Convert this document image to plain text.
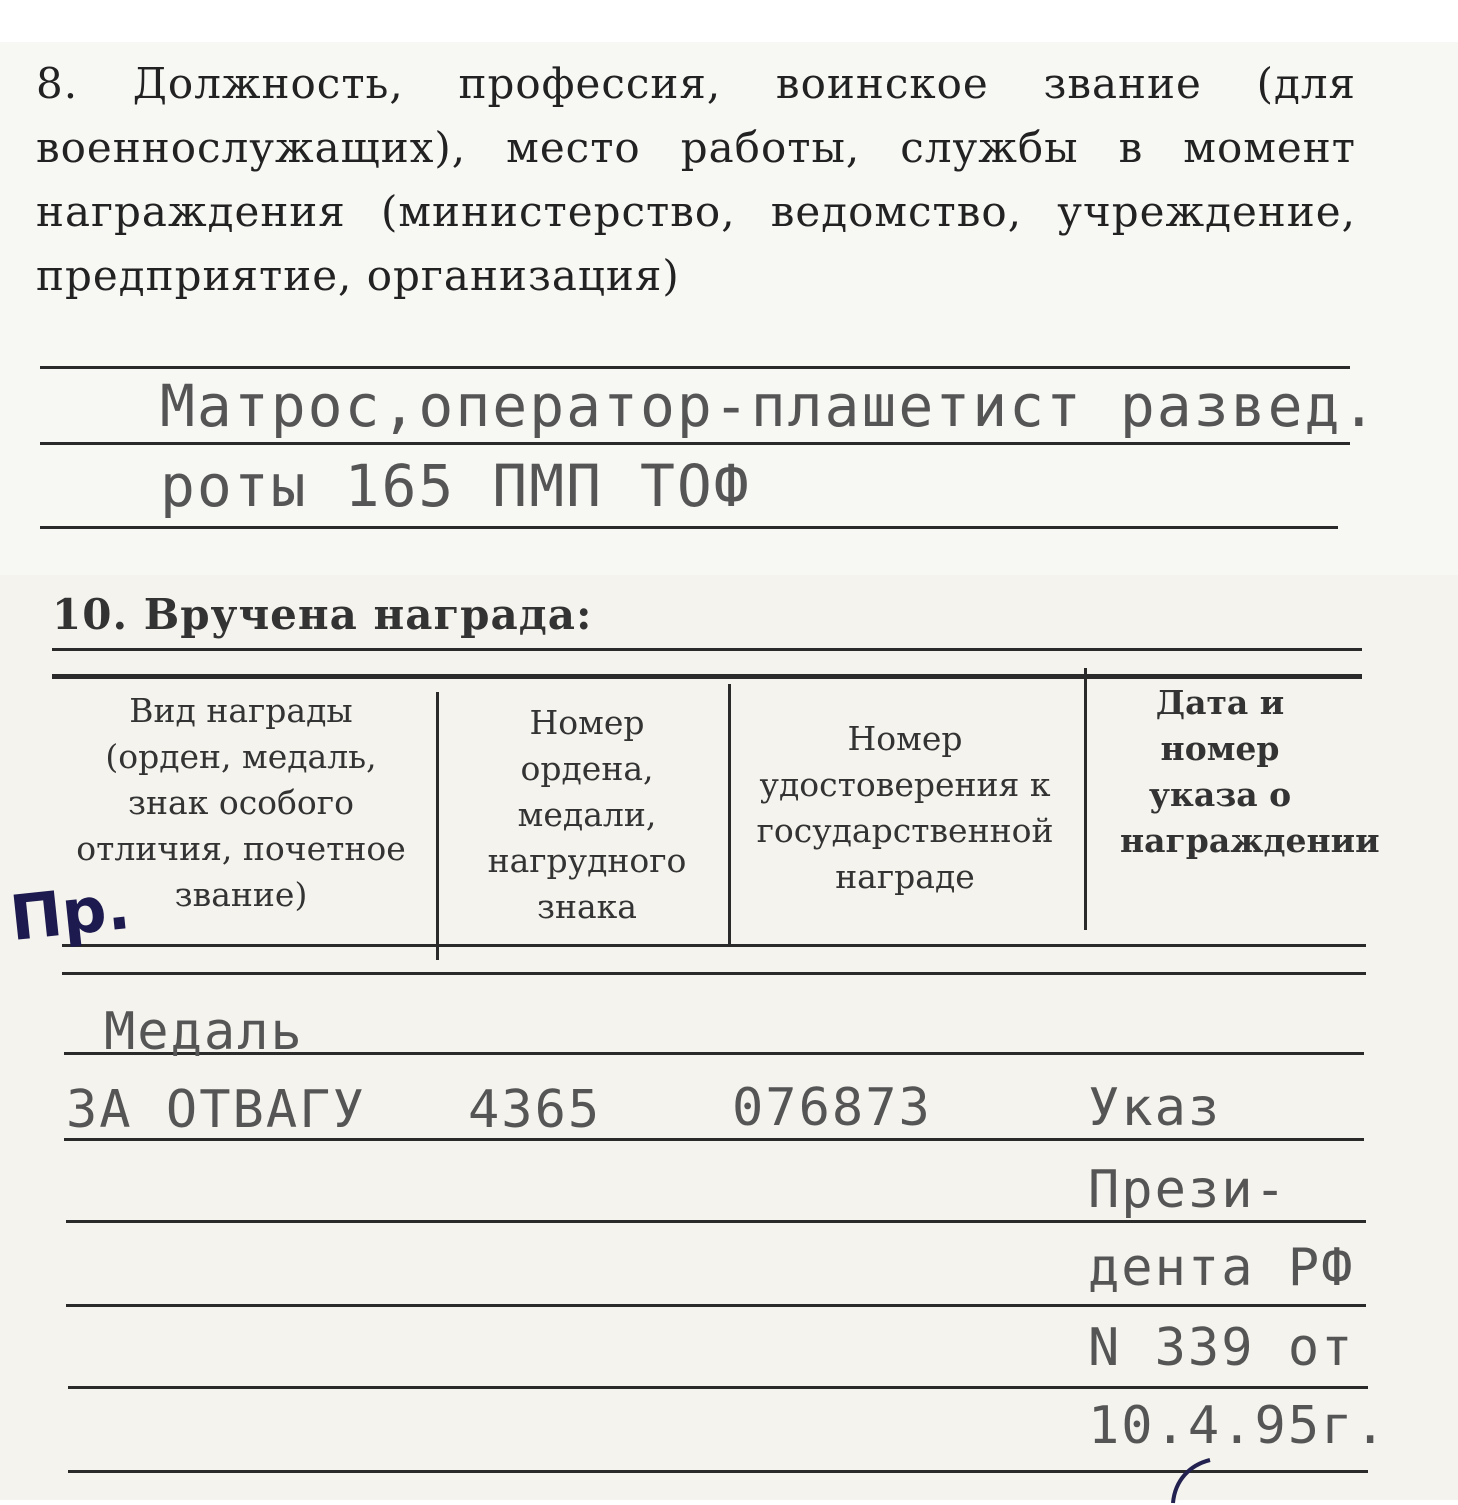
8. Должность, профессия, воинское звание (для военнослужащих), место работы, службы в момент награждения (министерство, ведомство, учреждение, предприятие, организация)
Матрос,оператор-плашетист развед.
роты 165 ПМП ТОФ
10. Вручена награда:
Вид награды (орден, медаль, знак особого отличия, почетное звание)
Номер ордена, медали, нагрудного знака
Номер удостоверения к государственной награде
Дата и номер указа о награждении
Пр.
Медаль
ЗА ОТВАГУ 4365	076873	Указ
Прези-
дента РФ
N 339 от
10.4.95г.
